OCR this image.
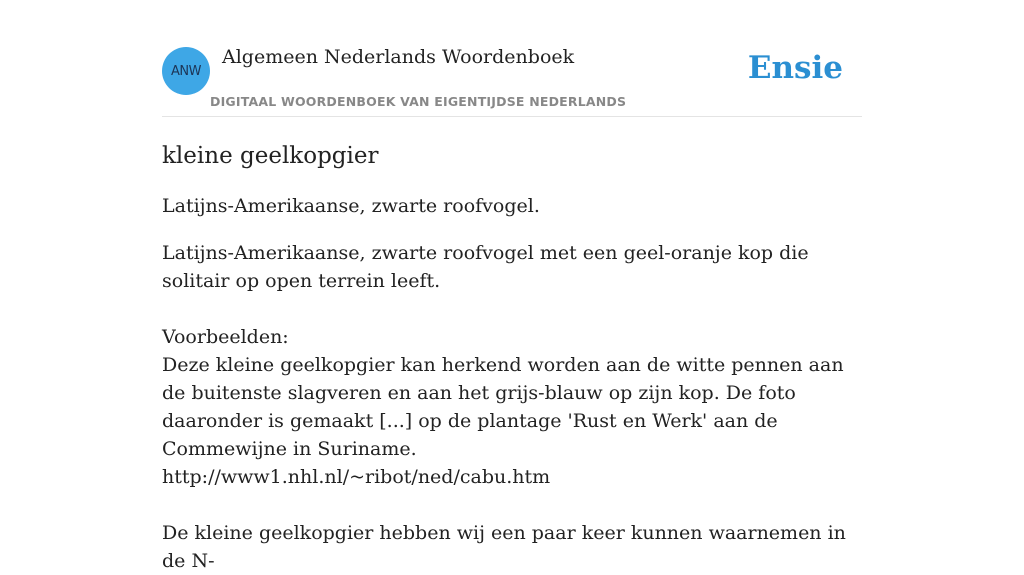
ANW
Algemeen Nederlands Woordenboek
DIGITAAL WOORDENBOEK VAN EIGENTIJDSE NEDERLANDS
Ensie
kleine geelkopgier

Latijns-Amerikaanse, zwarte roofvogel.

Latijns-Amerikaanse, zwarte roofvogel met een geel-oranje kop die solitair op open terrein leeft.

Voorbeelden:

Deze kleine geelkopgier kan herkend worden aan de witte pennen aan de buitenste slagveren en aan het grijs-blauw op zijn kop. De foto daaronder is gemaakt [...] op de plantage 'Rust en Werk' aan de Commewijne in Suriname.

http://www1.nhl.nl/~ribot/ned/cabu.htm

De kleine geelkopgier hebben wij een paar keer kunnen waarnemen in de N-
